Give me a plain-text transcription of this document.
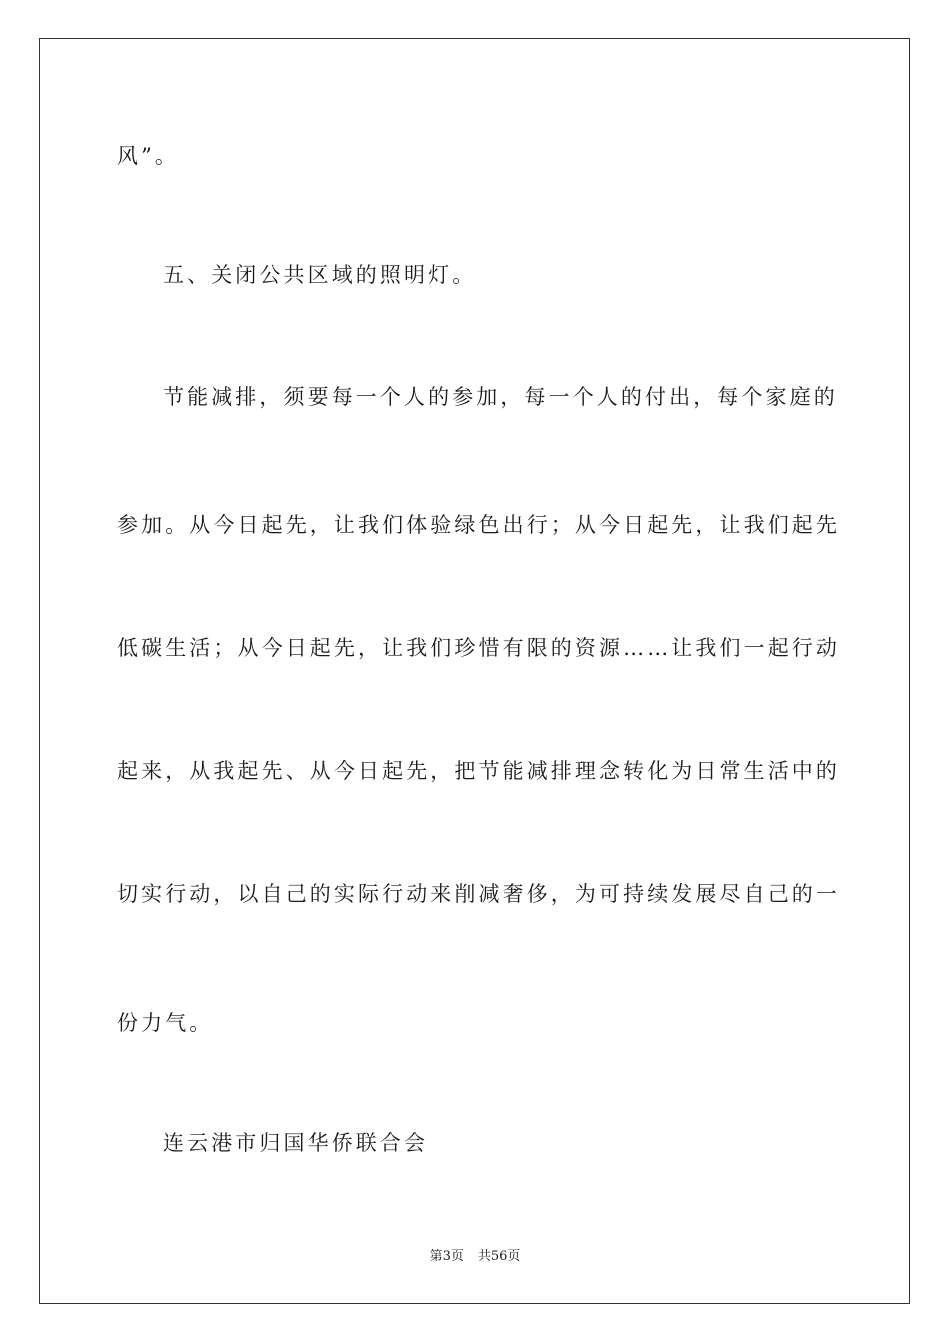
风”。

五、关闭公共区域的照明灯。

节能减排，须要每一个人的参加，每一个人的付出，每个家庭的

参加。从今日起先，让我们体验绿色出行；从今日起先，让我们起先

低碳生活；从今日起先，让我们珍惜有限的资源……让我们一起行动

起来，从我起先、从今日起先，把节能减排理念转化为日常生活中的

切实行动，以自己的实际行动来削减奢侈，为可持续发展尽自己的一

份力气。

连云港市归国华侨联合会

第3页 共56页
